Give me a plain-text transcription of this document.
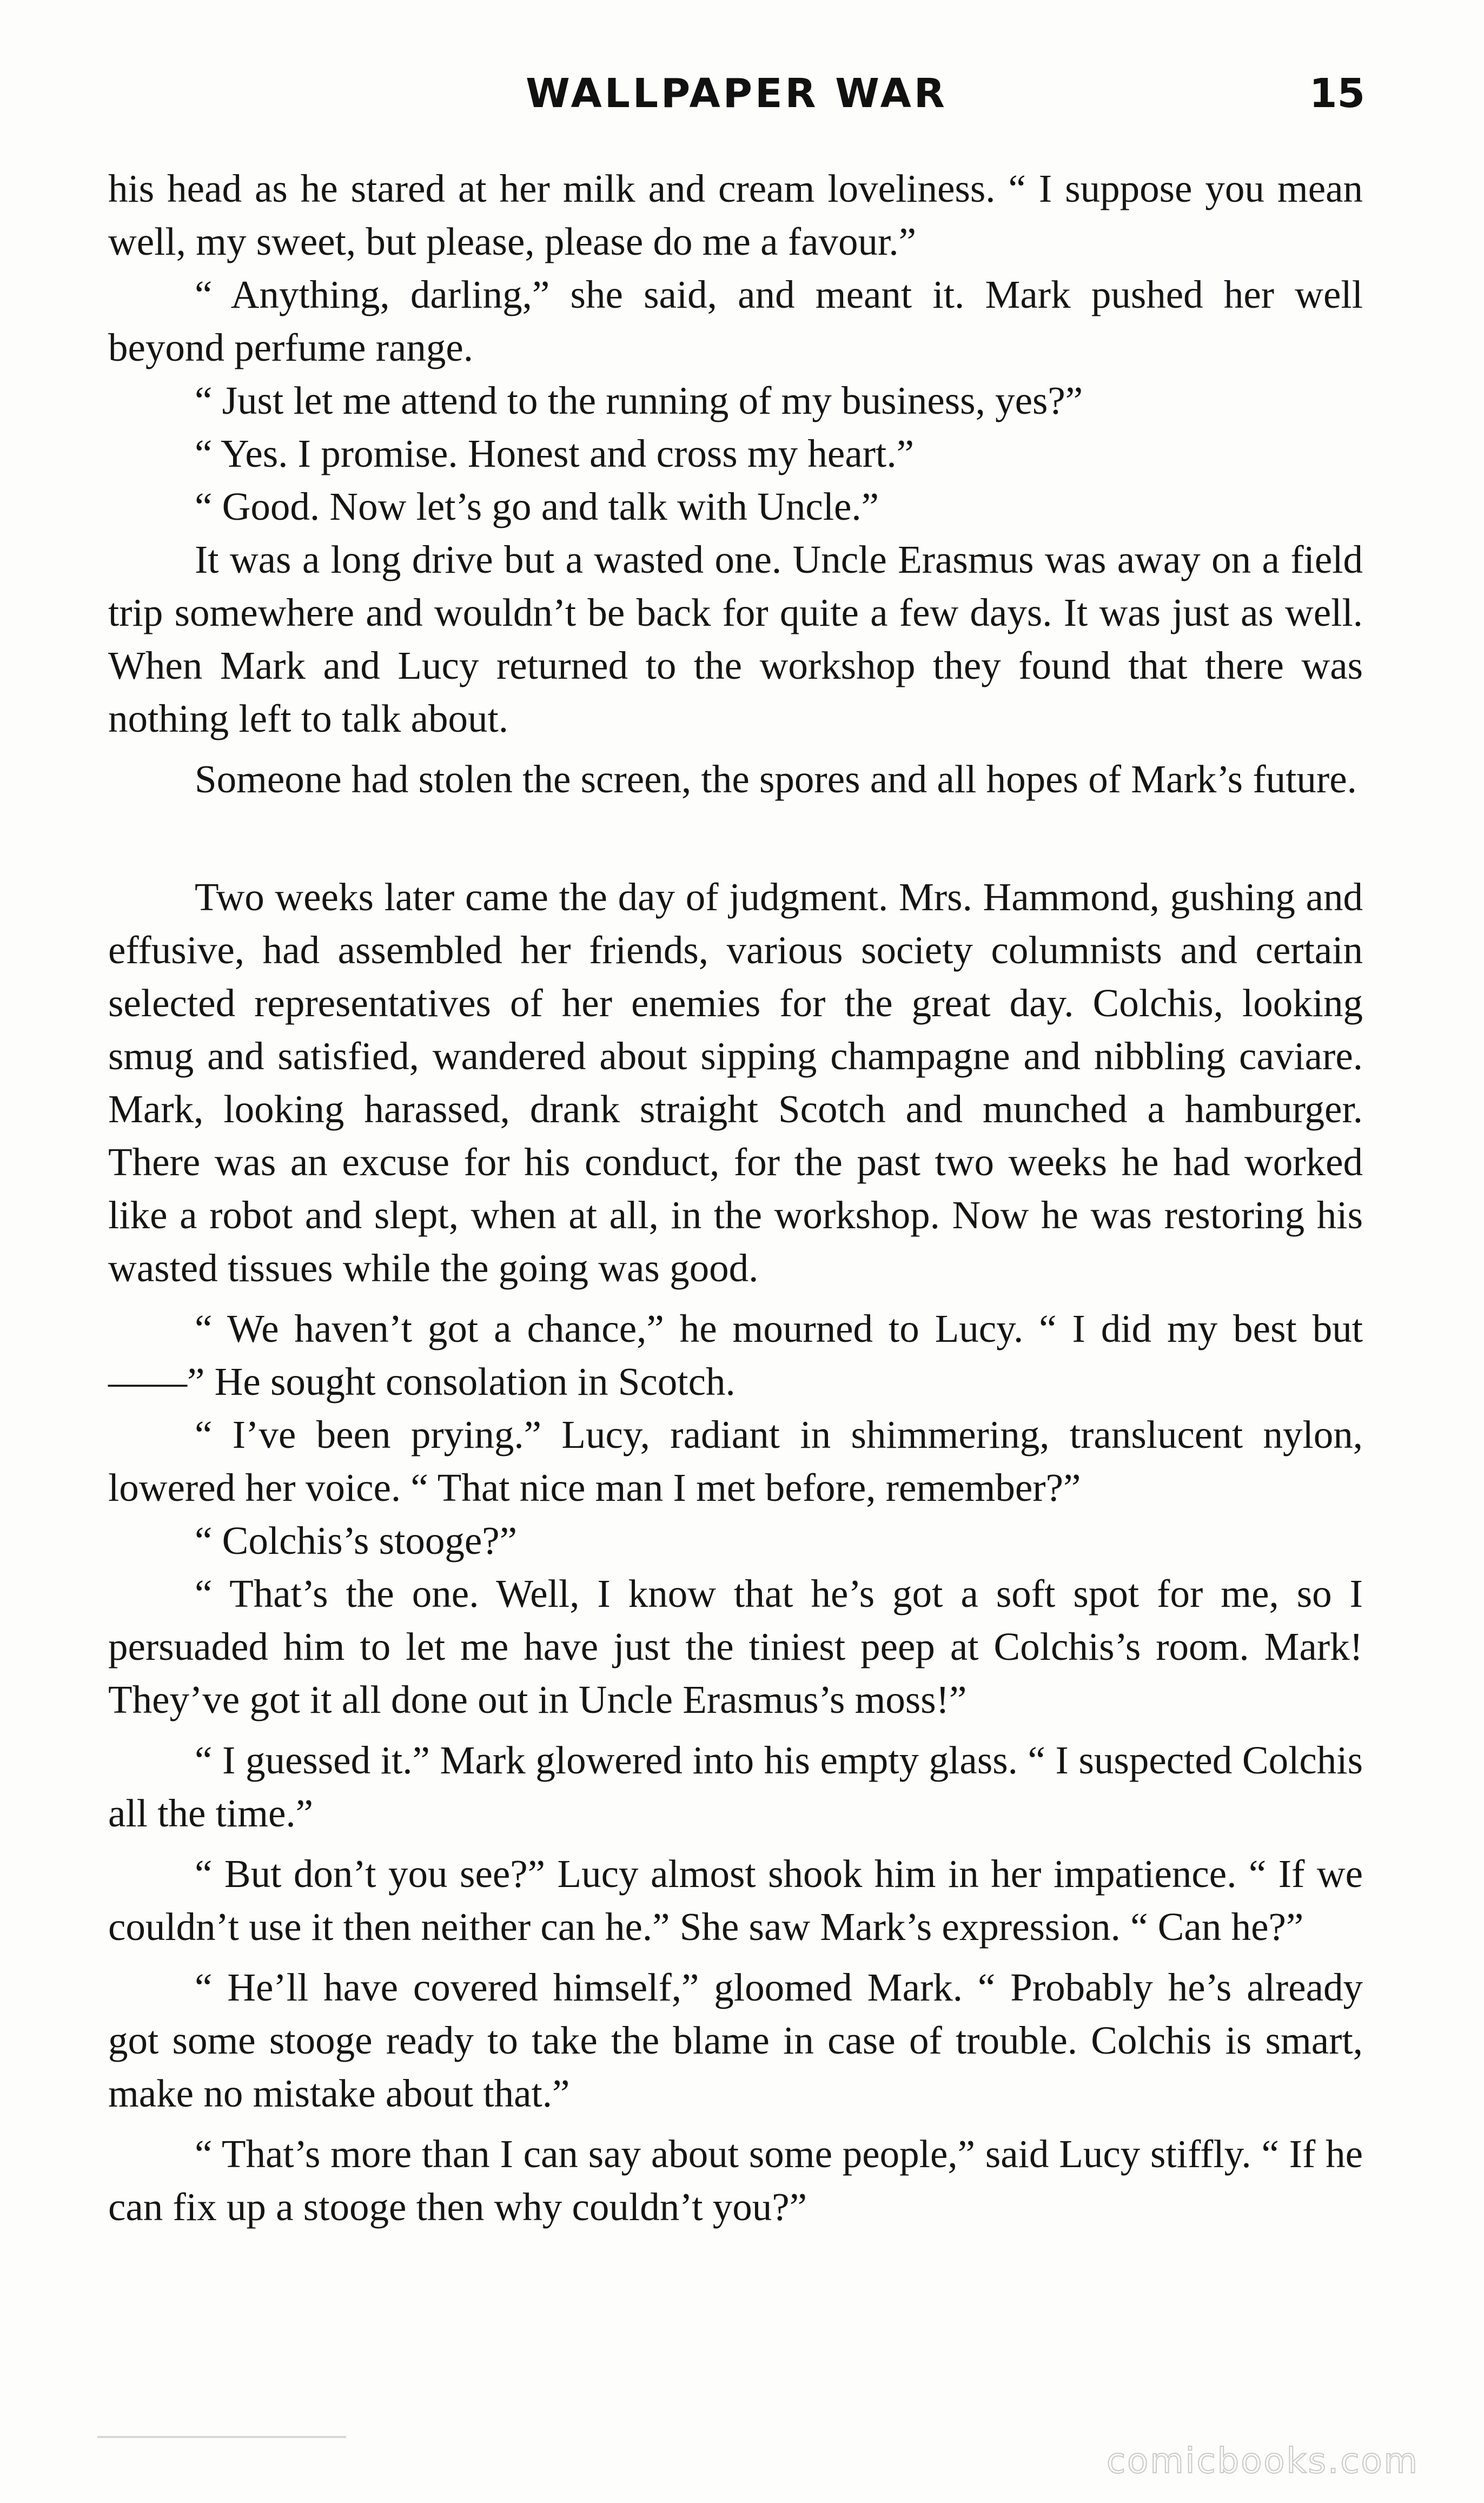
WALLPAPER WAR	15

his head as he stared at her milk and cream loveliness. “ I suppose you mean well, my sweet, but please, please do me a favour.”

“ Anything, darling,” she said, and meant it. Mark pushed her well beyond perfume range.

“ Just let me attend to the running of my business, yes?”

“ Yes. I promise. Honest and cross my heart.”

“ Good. Now let’s go and talk with Uncle.”

It was a long drive but a wasted one. Uncle Erasmus was away on a field trip somewhere and wouldn’t be back for quite a few days. It was just as well. When Mark and Lucy returned to the workshop they found that there was nothing left to talk about.

Someone had stolen the screen, the spores and all hopes of Mark’s future.

Two weeks later came the day of judgment. Mrs. Hammond, gushing and effusive, had assembled her friends, various society columnists and certain selected representatives of her enemies for the great day. Colchis, looking smug and satisfied, wandered about sipping champagne and nibbling caviare. Mark, looking harassed, drank straight Scotch and munched a hamburger. There was an excuse for his conduct, for the past two weeks he had worked like a robot and slept, when at all, in the workshop. Now he was restoring his wasted tissues while the going was good.

“ We haven’t got a chance,” he mourned to Lucy. “ I did my best but——” He sought consolation in Scotch.

“ I’ve been prying.” Lucy, radiant in shimmering, translucent nylon, lowered her voice. “ That nice man I met before, remember?”

“ Colchis’s stooge?”

“ That’s the one. Well, I know that he’s got a soft spot for me, so I persuaded him to let me have just the tiniest peep at Colchis’s room. Mark! They’ve got it all done out in Uncle Erasmus’s moss!”

“ I guessed it.” Mark glowered into his empty glass. “ I suspected Colchis all the time.”

“ But don’t you see?” Lucy almost shook him in her impatience. “ If we couldn’t use it then neither can he.” She saw Mark’s expression. “ Can he?”

“ He’ll have covered himself,” gloomed Mark. “ Probably he’s already got some stooge ready to take the blame in case of trouble. Colchis is smart, make no mistake about that.”

“ That’s more than I can say about some people,” said Lucy stiffly. “ If he can fix up a stooge then why couldn’t you?”

comicbooks.com
